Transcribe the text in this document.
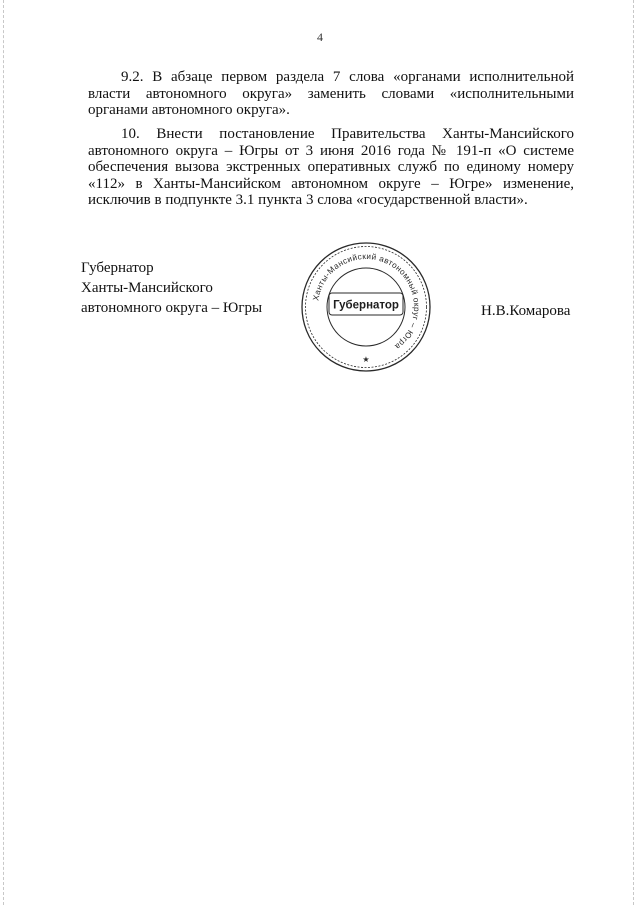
4

9.2. В абзаце первом раздела 7 слова «органами исполнительной власти автономного округа» заменить словами «исполнительными органами автономного округа».

10. Внести постановление Правительства Ханты-Мансийского автономного округа – Югры от 3 июня 2016 года № 191-п «О системе обеспечения вызова экстренных оперативных служб по единому номеру «112» в Ханты-Мансийском автономном округе – Югре» изменение, исключив в подпункте 3.1 пункта 3 слова «государственной власти».

Губернатор
Ханты-Мансийского
автономного округа – Югры	Н.В.Комарова
Ханты-Мансийский автономный округ – Югра
Губернатор
★
